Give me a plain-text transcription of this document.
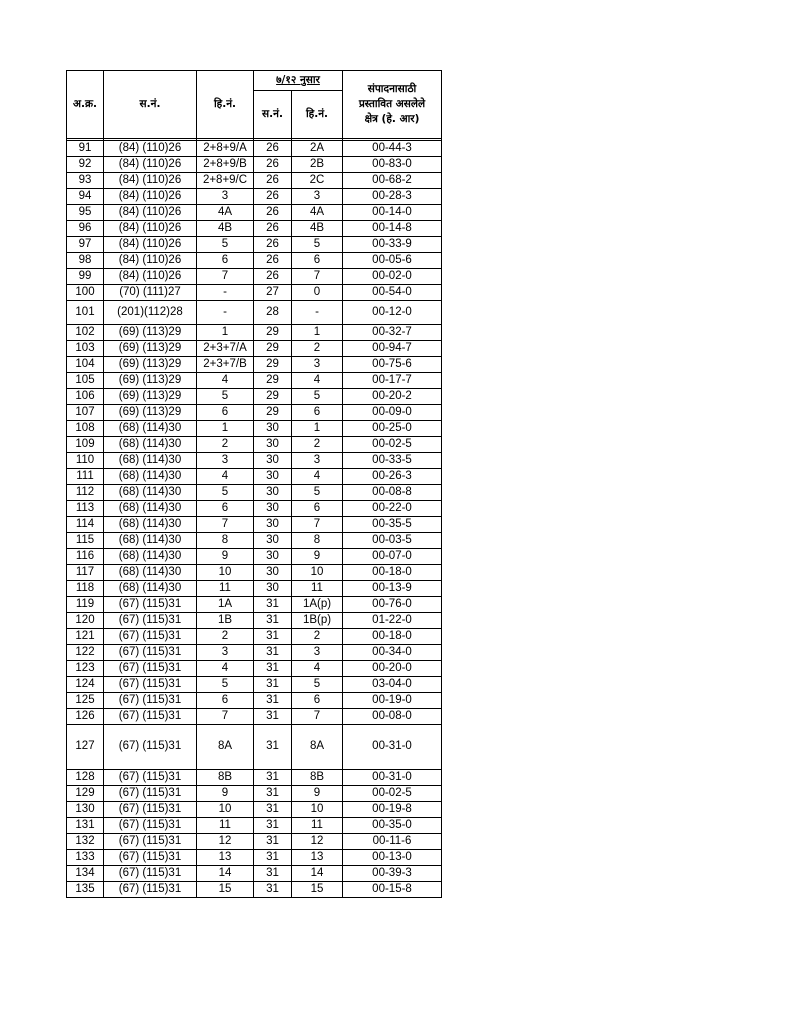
अ.क्र.	स.नं.	हि.नं.	७/१२ नुसार		संपादनासाठी
प्रस्तावित असलेले
क्षेत्र (हे. आर)
			स.नं.	हि.नं.	

91	(84) (110)26	2+8+9/A	26	2A	00-44-3
92	(84) (110)26	2+8+9/B	26	2B	00-83-0
93	(84) (110)26	2+8+9/C	26	2C	00-68-2
94	(84) (110)26	3	26	3	00-28-3
95	(84) (110)26	4A	26	4A	00-14-0
96	(84) (110)26	4B	26	4B	00-14-8
97	(84) (110)26	5	26	5	00-33-9
98	(84) (110)26	6	26	6	00-05-6
99	(84) (110)26	7	26	7	00-02-0
100	(70) (111)27	-	27	0	00-54-0
101	(201)(112)28	-	28	-	00-12-0
102	(69) (113)29	1	29	1	00-32-7
103	(69) (113)29	2+3+7/A	29	2	00-94-7
104	(69) (113)29	2+3+7/B	29	3	00-75-6
105	(69) (113)29	4	29	4	00-17-7
106	(69) (113)29	5	29	5	00-20-2
107	(69) (113)29	6	29	6	00-09-0
108	(68) (114)30	1	30	1	00-25-0
109	(68) (114)30	2	30	2	00-02-5
110	(68) (114)30	3	30	3	00-33-5
111	(68) (114)30	4	30	4	00-26-3
112	(68) (114)30	5	30	5	00-08-8
113	(68) (114)30	6	30	6	00-22-0
114	(68) (114)30	7	30	7	00-35-5
115	(68) (114)30	8	30	8	00-03-5
116	(68) (114)30	9	30	9	00-07-0
117	(68) (114)30	10	30	10	00-18-0
118	(68) (114)30	11	30	11	00-13-9
119	(67) (115)31	1A	31	1A(p)	00-76-0
120	(67) (115)31	1B	31	1B(p)	01-22-0
121	(67) (115)31	2	31	2	00-18-0
122	(67) (115)31	3	31	3	00-34-0
123	(67) (115)31	4	31	4	00-20-0
124	(67) (115)31	5	31	5	03-04-0
125	(67) (115)31	6	31	6	00-19-0
126	(67) (115)31	7	31	7	00-08-0
127	(67) (115)31	8A	31	8A	00-31-0
128	(67) (115)31	8B	31	8B	00-31-0
129	(67) (115)31	9	31	9	00-02-5
130	(67) (115)31	10	31	10	00-19-8
131	(67) (115)31	11	31	11	00-35-0
132	(67) (115)31	12	31	12	00-11-6
133	(67) (115)31	13	31	13	00-13-0
134	(67) (115)31	14	31	14	00-39-3
135	(67) (115)31	15	31	15	00-15-8
